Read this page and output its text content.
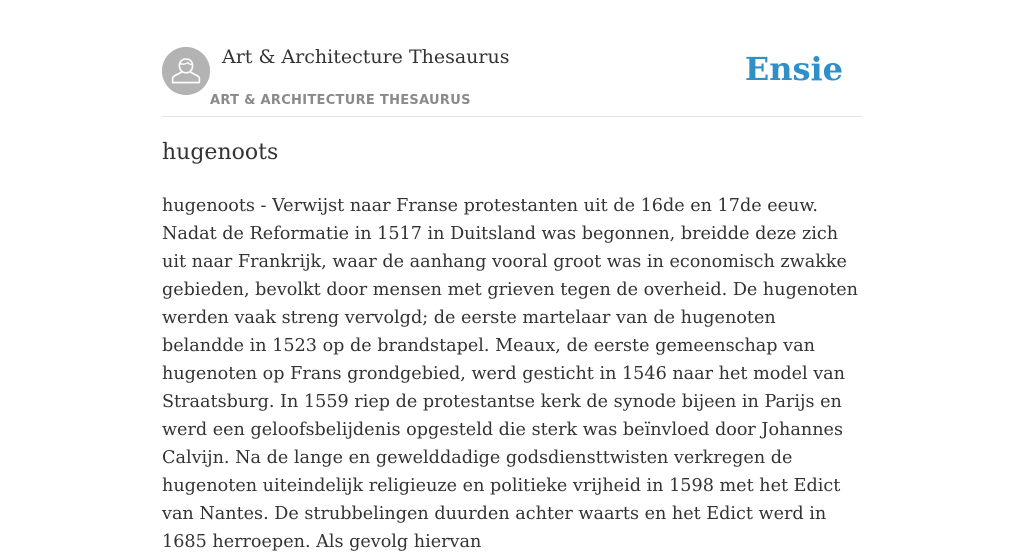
Art & Architecture Thesaurus
ART & ARCHITECTURE THESAURUS
Ensie
hugenoots

hugenoots - Verwijst naar Franse protestanten uit de 16de en 17de eeuw. Nadat de Reformatie in 1517 in Duitsland was begonnen, breidde deze zich uit naar Frankrijk, waar de aanhang vooral groot was in economisch zwakke gebieden, bevolkt door mensen met grieven tegen de overheid. De hugenoten werden vaak streng vervolgd; de eerste martelaar van de hugenoten belandde in 1523 op de brandstapel. Meaux, de eerste gemeenschap van hugenoten op Frans grondgebied, werd gesticht in 1546 naar het model van Straatsburg. In 1559 riep de protestantse kerk de synode bijeen in Parijs en werd een geloofsbelijdenis opgesteld die sterk was beïnvloed door Johannes Calvijn. Na de lange en gewelddadige godsdiensttwisten verkregen de hugenoten uiteindelijk religieuze en politieke vrijheid in 1598 met het Edict van Nantes. De strubbelingen duurden achter waarts en het Edict werd in 1685 herroepen. Als gevolg hiervan
